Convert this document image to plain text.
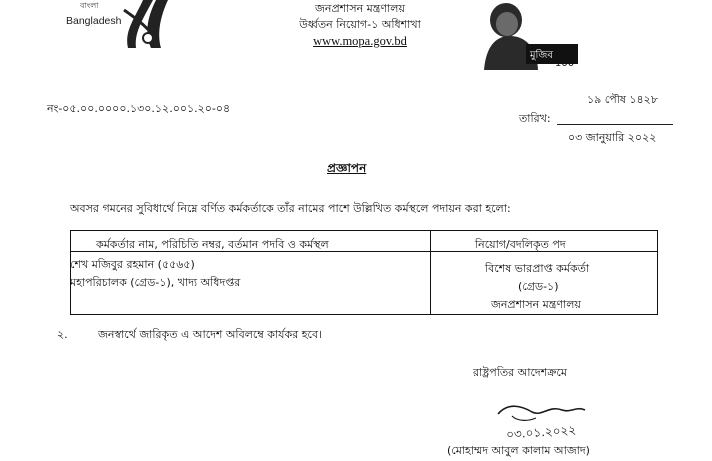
বাংলা
Bangladesh
জনপ্রশাসন মন্ত্রণালয়
উর্ধ্বতন নিয়োগ-১ অধিশাখা
www.mopa.gov.bd
মুজিব
100
নং-০৫.০০.০০০০.১৩০.১২.০০১.২০-০৪
১৯ পৌষ ১৪২৮
তারিখ:
০৩ জানুয়ারি ২০২২
প্রজ্ঞাপন
অবসর গমনের সুবিধার্থে নিম্নে বর্ণিত কর্মকর্তাকে তাঁর নামের পাশে উল্লিখিত কর্মস্থলে পদায়ন করা হলো:
কর্মকর্তার নাম, পরিচিতি নম্বর, বর্তমান পদবি ও কর্মস্থল	নিয়োগ/বদলিকৃত পদ
শেখ মজিবুর রহমান (৫৫৬৫)
মহাপরিচালক (গ্রেড-১), খাদ্য অধিদপ্তর
বিশেষ ভারপ্রাপ্ত কর্মকর্তা
(গ্রেড-১)
জনপ্রশাসন মন্ত্রণালয়
২.	জনস্বার্থে জারিকৃত এ আদেশ অবিলম্বে কার্যকর হবে।
রাষ্ট্রপতির আদেশক্রমে
০৩.০১.২০২২
(মোহাম্মদ আবুল কালাম আজাদ)
